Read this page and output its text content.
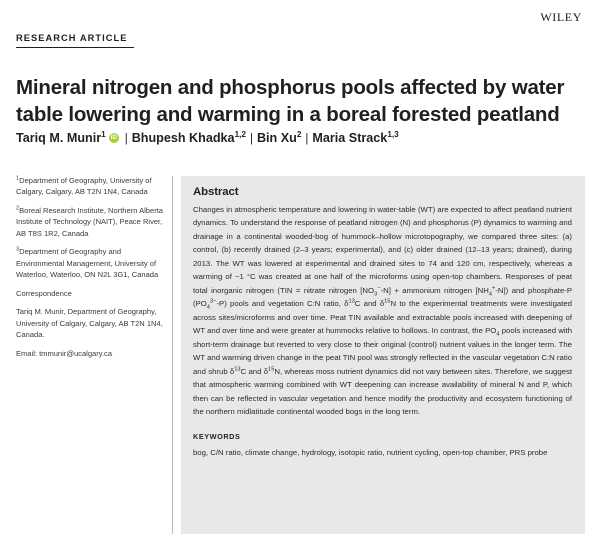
wiley
RESEARCH ARTICLE
Mineral nitrogen and phosphorus pools affected by water table lowering and warming in a boreal forested peatland
Tariq M. Munir$^1$ iD | Bhupesh Khadka$^{1,2}$ | Bin Xu$^2$ | Maria Strack$^{1,3}$

$^1$Department of Geography, University of Calgary, Calgary, AB T2N 1N4, Canada

$^2$Boreal Research Institute, Northern Alberta Institute of Technology (NAIT), Peace River, AB T8S 1R2, Canada

$^3$Department of Geography and Environmental Management, University of Waterloo, Waterloo, ON N2L 3G1, Canada

Correspondence

Tariq M. Munir, Department of Geography, University of Calgary, Calgary, AB T2N 1N4, Canada.

Email: tmmunir@ucalgary.ca

Abstract

Changes in atmospheric temperature and lowering in water-table (WT) are expected to affect peatland nutrient dynamics. To understand the response of peatland nitrogen (N) and phosphorus (P) dynamics to warming and drainage in a continental wooded-bog of hummock–hollow microtopography, we compared three sites: (a) control, (b) recently drained (2–3 years; experimental), and (c) older drained (12–13 years; drained), during 2013. The WT was lowered at experimental and drained sites to 74 and 120 cm, respectively, whereas a warming of ~1 °C was created at one half of the microforms using open-top chambers. Responses of peat total inorganic nitrogen (TIN = nitrate nitrogen $[NO_3^--N]$ + ammonium nitrogen $[NH_4^+-N]$) and phosphate-P $(PO_4^{3-}-P)$ pools and vegetation C:N ratio, $\delta^{13}C$ and $\delta^{15}N$ to the experimental treatments were investigated across sites/microforms and over time. Peat TIN available and extractable pools increased with deepening of WT and over time and were greater at hummocks relative to hollows. In contrast, the $PO_4$ pools increased with short-term drainage but reverted to very close to their original (control) nutrient values in the longer term. The WT and warming driven change in the peat TIN pool was strongly reflected in the vascular vegetation C:N ratio and shrub $\delta^{13}C$ and $\delta^{15}N$, whereas moss nutrient dynamics did not vary between sites. Therefore, we suggest that atmospheric warming combined with WT deepening can increase availability of mineral N and P, which then can be reflected in vascular vegetation and hence modify the productivity and ecosystem functioning of the northern midlatitude continental wooded bogs in the long term.

KEYWORDS

bog, C/N ratio, climate change, hydrology, isotopic ratio, nutrient cycling, open-top chamber, PRS probe
